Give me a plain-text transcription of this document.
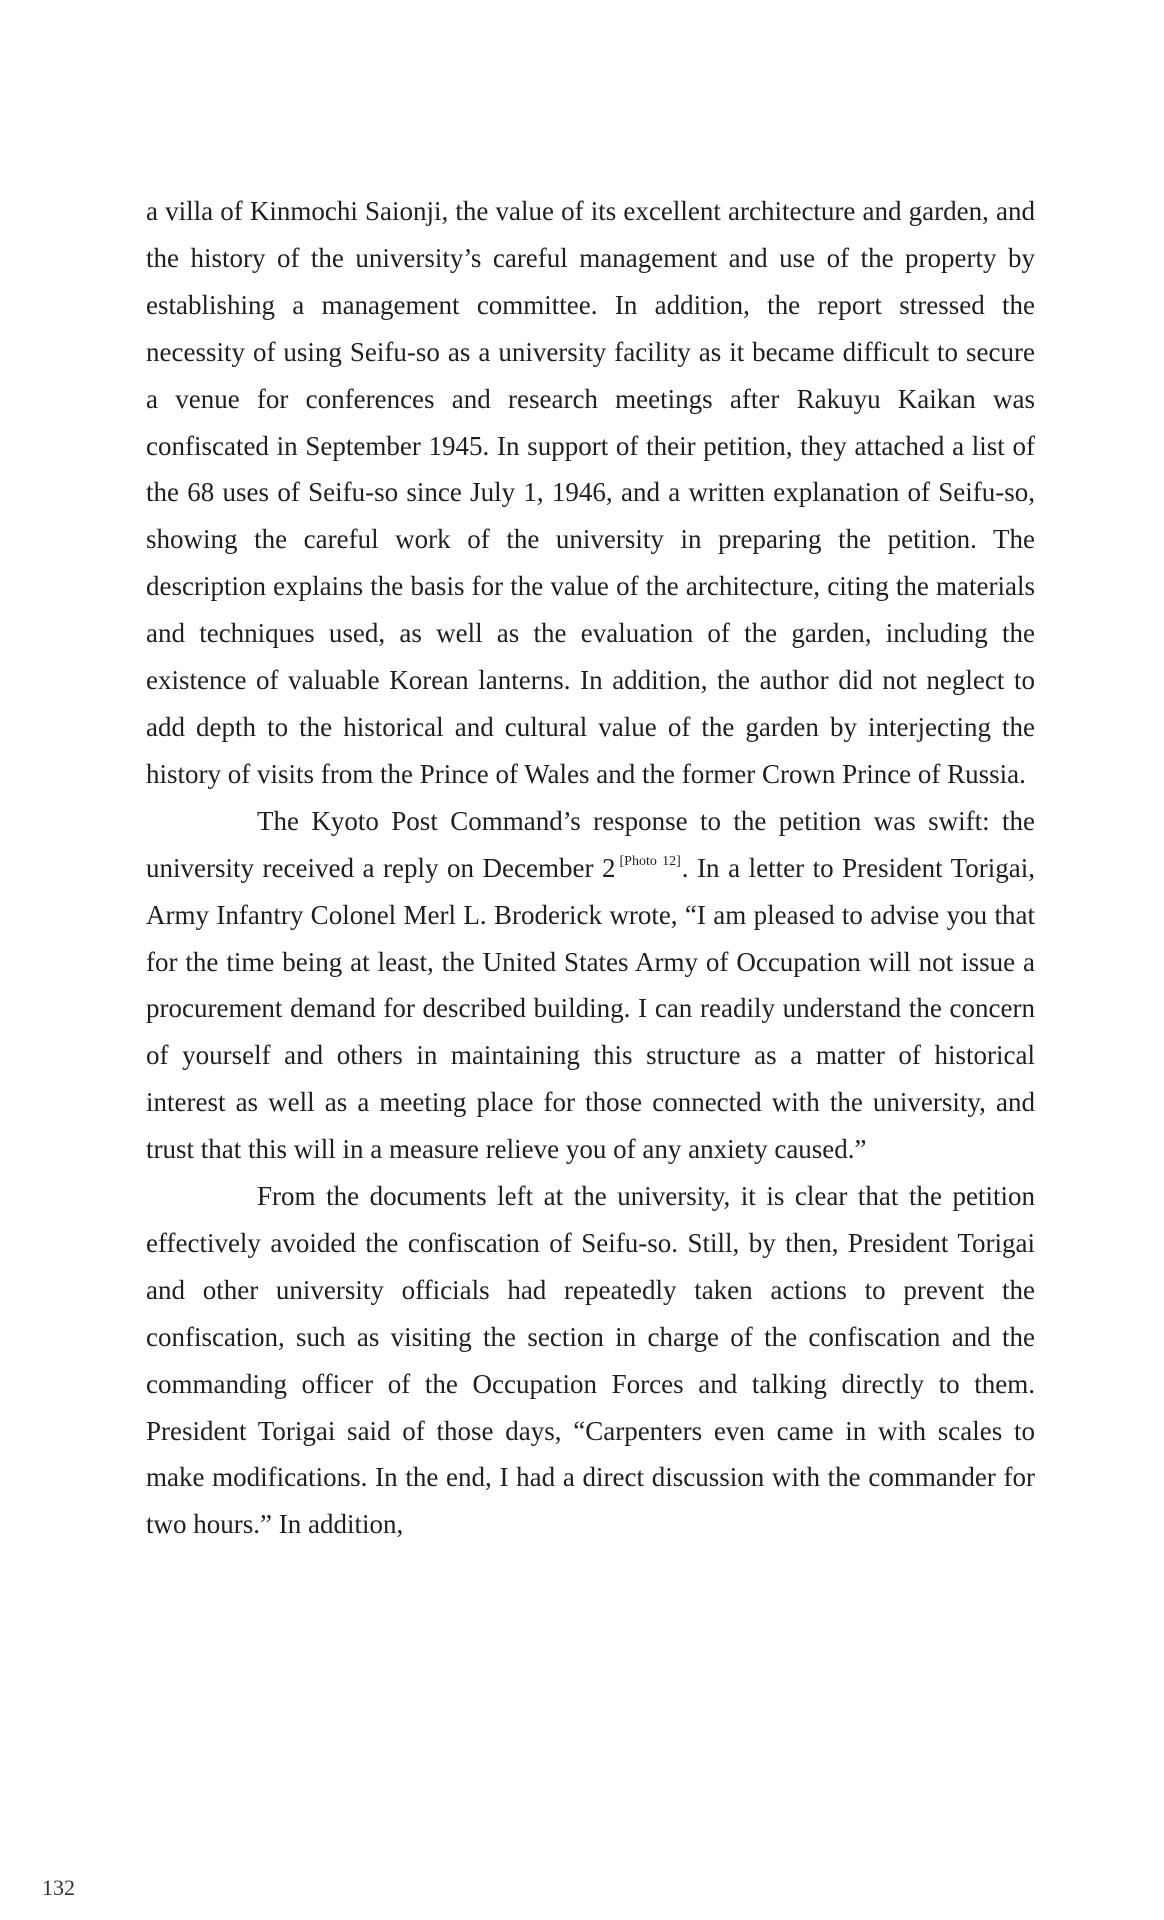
a villa of Kinmochi Saionji, the value of its excellent architecture and garden, and the history of the university’s careful management and use of the property by establishing a management committee. In addition, the report stressed the necessity of using Seifu-so as a university facility as it became difficult to secure a venue for conferences and research meetings after Rakuyu Kaikan was confiscated in September 1945. In support of their petition, they attached a list of the 68 uses of Seifu-so since July 1, 1946, and a written explanation of Seifu-so, showing the careful work of the university in preparing the petition. The description explains the basis for the value of the architecture, citing the materials and techniques used, as well as the evaluation of the garden, including the existence of valuable Korean lanterns. In addition, the author did not neglect to add depth to the historical and cultural value of the garden by interjecting the history of visits from the Prince of Wales and the former Crown Prince of Russia.

The Kyoto Post Command’s response to the petition was swift: the university received a reply on December 2 [Photo 12]. In a letter to President Torigai, Army Infantry Colonel Merl L. Broderick wrote, “I am pleased to advise you that for the time being at least, the United States Army of Occupation will not issue a procurement demand for described building. I can readily understand the concern of yourself and others in maintaining this structure as a matter of historical interest as well as a meeting place for those connected with the university, and trust that this will in a measure relieve you of any anxiety caused.”

From the documents left at the university, it is clear that the petition effectively avoided the confiscation of Seifu-so. Still, by then, President Torigai and other university officials had repeatedly taken actions to prevent the confiscation, such as visiting the section in charge of the confiscation and the commanding officer of the Occupation Forces and talking directly to them. President Torigai said of those days, “Carpenters even came in with scales to make modifications. In the end, I had a direct discussion with the commander for two hours.” In addition,

132
